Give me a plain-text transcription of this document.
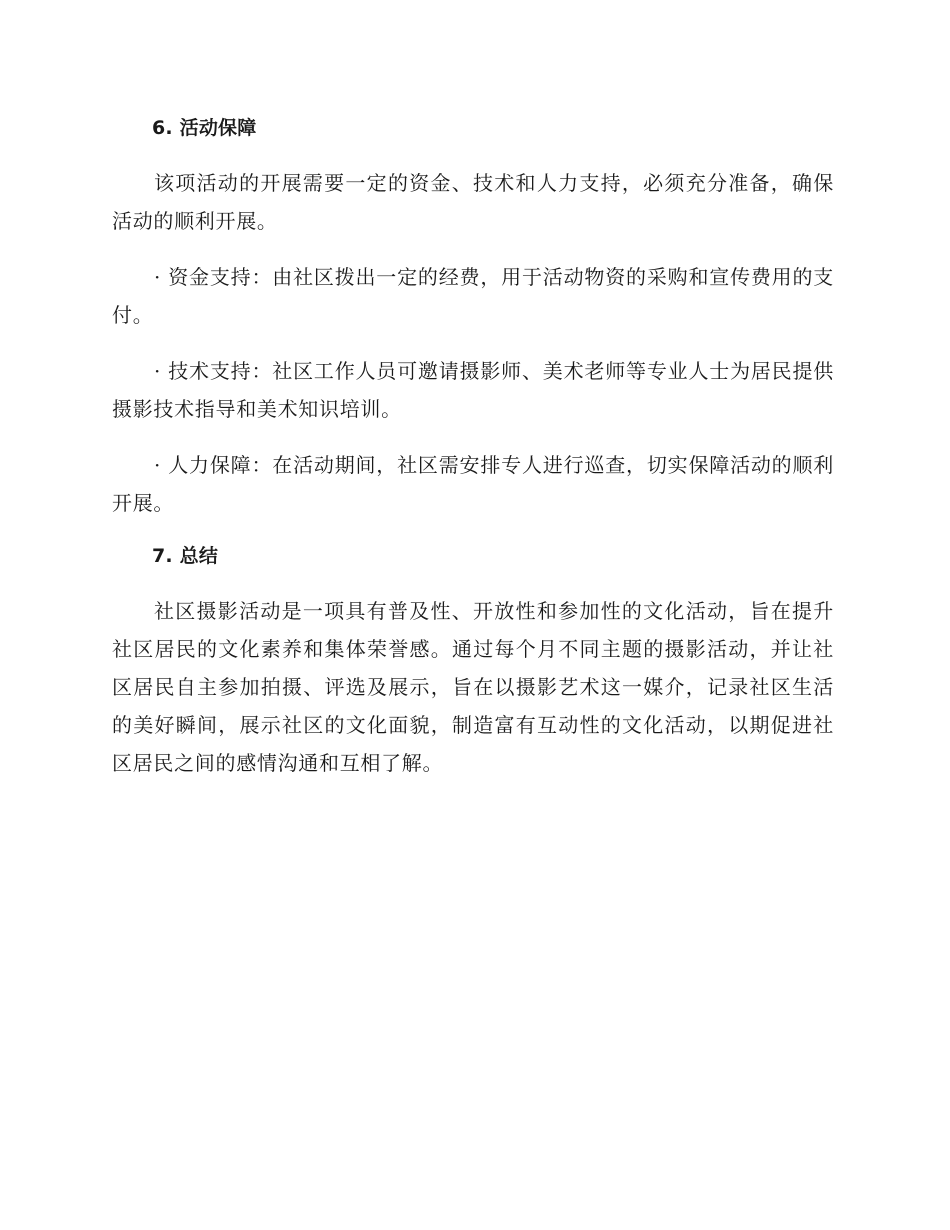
6. 活动保障

该项活动的开展需要一定的资金、技术和人力支持，必须充分准备，确保活动的顺利开展。

· 资金支持：由社区拨出一定的经费，用于活动物资的采购和宣传费用的支付。

· 技术支持：社区工作人员可邀请摄影师、美术老师等专业人士为居民提供摄影技术指导和美术知识培训。

· 人力保障：在活动期间，社区需安排专人进行巡查，切实保障活动的顺利开展。

7. 总结

社区摄影活动是一项具有普及性、开放性和参加性的文化活动，旨在提升社区居民的文化素养和集体荣誉感。通过每个月不同主题的摄影活动，并让社区居民自主参加拍摄、评选及展示，旨在以摄影艺术这一媒介，记录社区生活的美好瞬间，展示社区的文化面貌，制造富有互动性的文化活动，以期促进社区居民之间的感情沟通和互相了解。
